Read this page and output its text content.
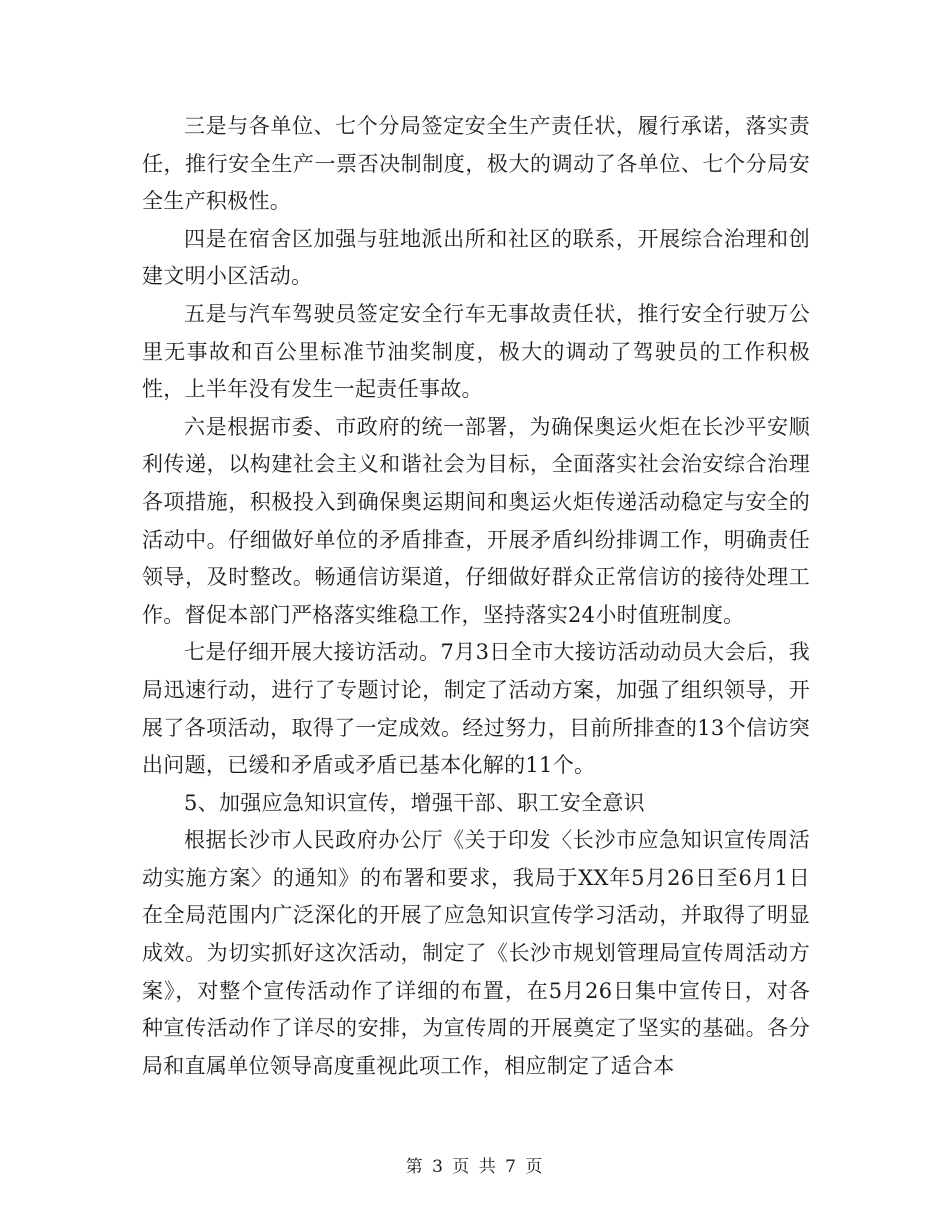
三是与各单位、七个分局签定安全生产责任状，履行承诺，落实责任，推行安全生产一票否决制制度，极大的调动了各单位、七个分局安全生产积极性。

四是在宿舍区加强与驻地派出所和社区的联系，开展综合治理和创建文明小区活动。

五是与汽车驾驶员签定安全行车无事故责任状，推行安全行驶万公里无事故和百公里标准节油奖制度，极大的调动了驾驶员的工作积极性，上半年没有发生一起责任事故。

六是根据市委、市政府的统一部署，为确保奥运火炬在长沙平安顺利传递，以构建社会主义和谐社会为目标，全面落实社会治安综合治理各项措施，积极投入到确保奥运期间和奥运火炬传递活动稳定与安全的活动中。仔细做好单位的矛盾排查，开展矛盾纠纷排调工作，明确责任领导，及时整改。畅通信访渠道，仔细做好群众正常信访的接待处理工作。督促本部门严格落实维稳工作，坚持落实24小时值班制度。

七是仔细开展大接访活动。7月3日全市大接访活动动员大会后，我局迅速行动，进行了专题讨论，制定了活动方案，加强了组织领导，开展了各项活动，取得了一定成效。经过努力，目前所排查的13个信访突出问题，已缓和矛盾或矛盾已基本化解的11个。

5、加强应急知识宣传，增强干部、职工安全意识

根据长沙市人民政府办公厅《关于印发〈长沙市应急知识宣传周活动实施方案〉的通知》的布署和要求，我局于XX年5月26日至6月1日在全局范围内广泛深化的开展了应急知识宣传学习活动，并取得了明显成效。为切实抓好这次活动，制定了《长沙市规划管理局宣传周活动方案》，对整个宣传活动作了详细的布置，在5月26日集中宣传日，对各种宣传活动作了详尽的安排，为宣传周的开展奠定了坚实的基础。各分局和直属单位领导高度重视此项工作，相应制定了适合本

第 3 页 共 7 页
